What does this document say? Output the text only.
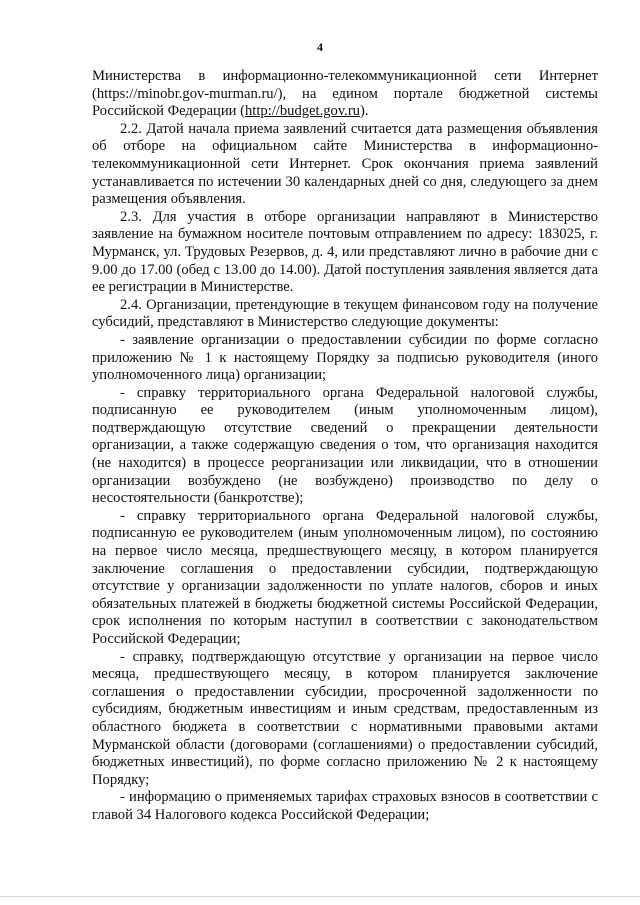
4

Министерства в информационно-телекоммуникационной сети Интернет (https://minobr.gov-murman.ru/), на едином портале бюджетной системы Российской Федерации (http://budget.gov.ru).

2.2. Датой начала приема заявлений считается дата размещения объявления об отборе на официальном сайте Министерства в информационно-телекоммуникационной сети Интернет. Срок окончания приема заявлений устанавливается по истечении 30 календарных дней со дня, следующего за днем размещения объявления.

2.3. Для участия в отборе организации направляют в Министерство заявление на бумажном носителе почтовым отправлением по адресу: 183025, г. Мурманск, ул. Трудовых Резервов, д. 4, или представляют лично в рабочие дни с 9.00 до 17.00 (обед с 13.00 до 14.00). Датой поступления заявления является дата ее регистрации в Министерстве.

2.4. Организации, претендующие в текущем финансовом году на получение субсидий, представляют в Министерство следующие документы:

- заявление организации о предоставлении субсидии по форме согласно приложению № 1 к настоящему Порядку за подписью руководителя (иного уполномоченного лица) организации;

- справку территориального органа Федеральной налоговой службы, подписанную ее руководителем (иным уполномоченным лицом), подтверждающую отсутствие сведений о прекращении деятельности организации, а также содержащую сведения о том, что организация находится (не находится) в процессе реорганизации или ликвидации, что в отношении организации возбуждено (не возбуждено) производство по делу о несостоятельности (банкротстве);

- справку территориального органа Федеральной налоговой службы, подписанную ее руководителем (иным уполномоченным лицом), по состоянию на первое число месяца, предшествующего месяцу, в котором планируется заключение соглашения о предоставлении субсидии, подтверждающую отсутствие у организации задолженности по уплате налогов, сборов и иных обязательных платежей в бюджеты бюджетной системы Российской Федерации, срок исполнения по которым наступил в соответствии с законодательством Российской Федерации;

- справку, подтверждающую отсутствие у организации на первое число месяца, предшествующего месяцу, в котором планируется заключение соглашения о предоставлении субсидии, просроченной задолженности по субсидиям, бюджетным инвестициям и иным средствам, предоставленным из областного бюджета в соответствии с нормативными правовыми актами Мурманской области (договорами (соглашениями) о предоставлении субсидий, бюджетных инвестиций), по форме согласно приложению № 2 к настоящему Порядку;

- информацию о применяемых тарифах страховых взносов в соответствии с главой 34 Налогового кодекса Российской Федерации;
